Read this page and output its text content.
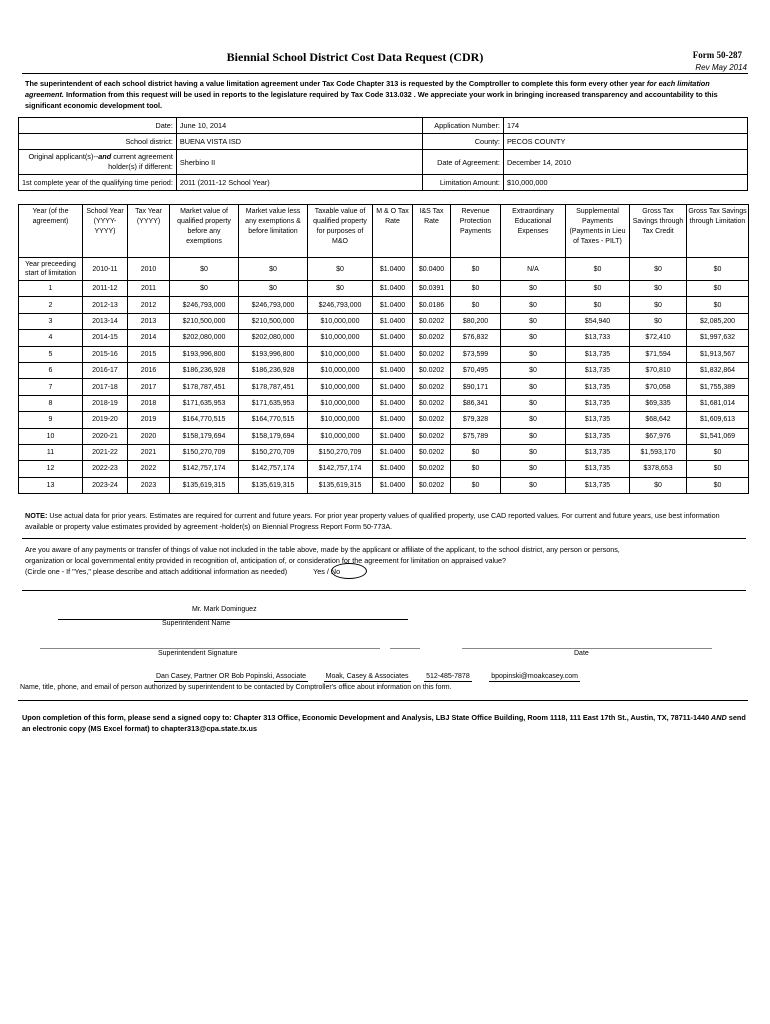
Biennial School District Cost Data Request (CDR)	Form 50-287
Rev May 2014
The superintendent of each school district having a value limitation agreement under Tax Code Chapter 313 is requested by the Comptroller to complete this form every other year for each limitation agreement. Information from this request will be used in reports to the legislature required by Tax Code 313.032 . We appreciate your work in bringing increased transparency and accountability to this significant economic development tool.
Date:	June 10, 2014	Application Number:	174
School district:	BUENA VISTA ISD	County:	PECOS COUNTY
Original applicant(s)--and current agreement
holder(s) if different:	Sherbino II	Date of Agreement:	December 14, 2010
1st complete year of the qualifying time period:	2011 (2011-12 School Year)	Limitation Amount:	$10,000,000
Year (of the agreement)	School Year (YYYY-YYYY)	Tax Year (YYYY)	Market value of qualified property before any exemptions	Market value less any exemptions & before limitation	Taxable value of qualified property for purposes of M&O	M & O Tax Rate	I&S Tax Rate	Revenue Protection Payments	Extraordinary Educational Expenses	Supplemental Payments (Payments in Lieu of Taxes - PILT)	Gross Tax Savings through Tax Credit	Gross Tax Savings through Limitation
Year preceeding start of limitation	2010-11	2010	$0	$0	$0	$1.0400	$0.0400	$0	N/A	$0	$0	$0
1	2011-12	2011	$0	$0	$0	$1.0400	$0.0391	$0	$0	$0	$0	$0
2	2012-13	2012	$246,793,000	$246,793,000	$246,793,000	$1.0400	$0.0186	$0	$0	$0	$0	$0
3	2013-14	2013	$210,500,000	$210,500,000	$10,000,000	$1.0400	$0.0202	$80,200	$0	$54,940	$0	$2,085,200
4	2014-15	2014	$202,080,000	$202,080,000	$10,000,000	$1.0400	$0.0202	$76,832	$0	$13,733	$72,410	$1,997,632
5	2015-16	2015	$193,996,800	$193,996,800	$10,000,000	$1.0400	$0.0202	$73,599	$0	$13,735	$71,594	$1,913,567
6	2016-17	2016	$186,236,928	$186,236,928	$10,000,000	$1.0400	$0.0202	$70,495	$0	$13,735	$70,810	$1,832,864
7	2017-18	2017	$178,787,451	$178,787,451	$10,000,000	$1.0400	$0.0202	$90,171	$0	$13,735	$70,058	$1,755,389
8	2018-19	2018	$171,635,953	$171,635,953	$10,000,000	$1.0400	$0.0202	$86,341	$0	$13,735	$69,335	$1,681,014
9	2019-20	2019	$164,770,515	$164,770,515	$10,000,000	$1.0400	$0.0202	$79,328	$0	$13,735	$68,642	$1,609,613
10	2020-21	2020	$158,179,694	$158,179,694	$10,000,000	$1.0400	$0.0202	$75,789	$0	$13,735	$67,976	$1,541,069
11	2021-22	2021	$150,270,709	$150,270,709	$150,270,709	$1.0400	$0.0202	$0	$0	$13,735	$1,593,170	$0
12	2022-23	2022	$142,757,174	$142,757,174	$142,757,174	$1.0400	$0.0202	$0	$0	$13,735	$378,653	$0
13	2023-24	2023	$135,619,315	$135,619,315	$135,619,315	$1.0400	$0.0202	$0	$0	$13,735	$0	$0
NOTE: Use actual data for prior years. Estimates are required for current and future years. For prior year property values of qualified property, use CAD reported values. For current and future years, use best information available or property value estimates provided by agreement -holder(s) on Biennial Progress Report Form 50-773A.
Are you aware of any payments or transfer of things of value not included in the table above, made by the applicant or affiliate of the applicant, to the school district, any person or persons,
organization or local governmental entity provided in recognition of, anticipation of, or consideration for the agreement for limitation on appraised value?
(Circle one - If "Yes," please describe and attach additional information as needed)	Yes / No
Mr. Mark Dominguez
Superintendent Name
Superintendent Signature	Date
Dan Casey, Partner OR Bob Popinski, Associate	Moak, Casey & Associates	512-485-7878	bpopinski@moakcasey.com
Name, title, phone, and email of person authorized by superintendent to be contacted by Comptroller's office about information on this form.
Upon completion of this form, please send a signed copy to: Chapter 313 Office, Economic Development and Analysis, LBJ State Office Building, Room 1118, 111 East 17th St., Austin, TX, 78711-1440 AND send an electronic copy (MS Excel format) to chapter313@cpa.state.tx.us
